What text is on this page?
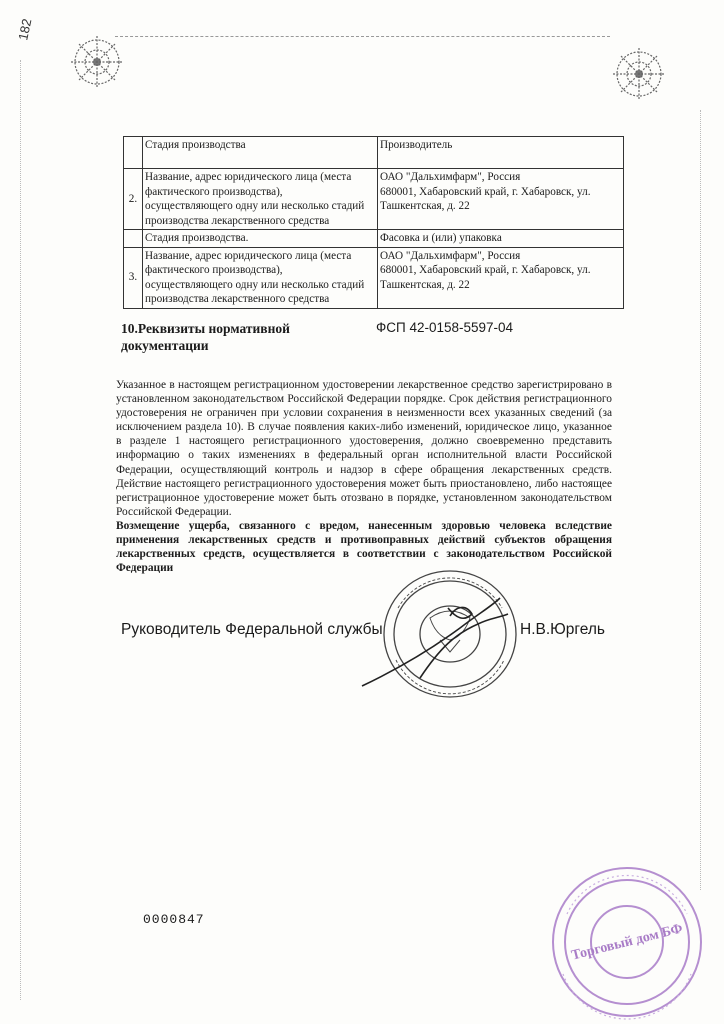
182

	Стадия производства	Производитель

2.	Название, адрес юридического лица (места
фактического производства),
осуществляющего одну или несколько стадий
производства лекарственного средства	ОАО "Дальхимфарм", Россия
680001, Хабаровский край, г. Хабаровск, ул.
Ташкентская, д. 22

	Стадия производства.	Фасовка и (или) упаковка

3.	Название, адрес юридического лица (места
фактического производства),
осуществляющего одну или несколько стадий
производства лекарственного средства	ОАО "Дальхимфарм", Россия
680001, Хабаровский край, г. Хабаровск, ул.
Ташкентская, д. 22
10.Реквизиты нормативной
документации
ФСП 42-0158-5597-04
Указанное в настоящем регистрационном удостоверении лекарственное средство зарегистрировано в установленном законодательством Российской Федерации порядке. Срок действия регистрационного удостоверения не ограничен при условии сохранения в неизменности всех указанных сведений (за исключением раздела 10). В случае появления каких-либо изменений, юридическое лицо, указанное в разделе 1 настоящего регистрационного удостоверения, должно своевременно представить информацию о таких изменениях в федеральный орган исполнительной власти Российской Федерации, осуществляющий контроль и надзор в сфере обращения лекарственных средств. Действие настоящего регистрационного удостоверения может быть приостановлено, либо настоящее регистрационное удостоверение может быть отозвано в порядке, установленном законодательством Российской Федерации.
Возмещение ущерба, связанного с вредом, нанесенным здоровью человека вследствие применения лекарственных средств и противоправных действий субъектов обращения лекарственных средств, осуществляется в соответствии с законодательством Российской Федерации
Руководитель Федеральной службы	Н.В.Юргель
Торговый дом БФ
0000847
